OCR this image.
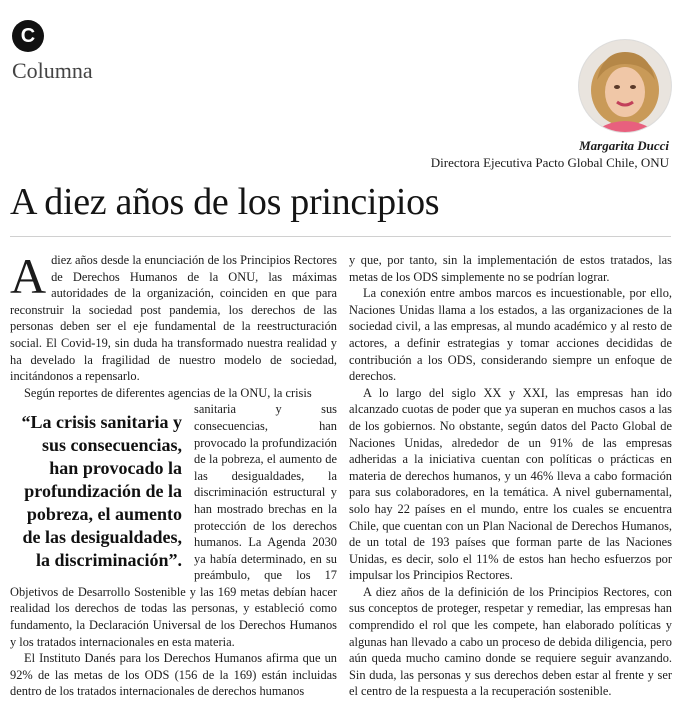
C
Columna
Margarita Ducci
Directora Ejecutiva Pacto Global Chile, ONU
A diez años de los principios

Adiez años desde la enunciación de los Principios Rectores de Derechos Humanos de la ONU, las máximas autoridades de la organización, coinciden en que para reconstruir la sociedad post pandemia, los derechos de las personas deben ser el eje fundamental de la reestructuración social. El Covid-19, sin duda ha transformado nuestra realidad y ha develado la fragilidad de nuestro modelo de sociedad, incitándonos a repensarlo.

Según reportes de diferentes agencias de la ONU, la crisis

“La crisis sanitaria y sus consecuencias, han provocado la profundización de la pobreza, el aumento de las desigualdades, la discriminación”.
sanitaria y sus consecuencias, han provocado la profundización de la pobreza, el aumento de las desigualdades, la discriminación estructural y han mostrado brechas en la protección de los derechos humanos. La Agenda 2030 ya había determinado, en su preámbulo, que los 17 Objetivos de Desarrollo Sostenible y las 169 metas debían hacer realidad los derechos de todas las personas, y estableció como fundamento, la Declaración Universal de los Derechos Humanos y los tratados internacionales en esta materia.

El Instituto Danés para los Derechos Humanos afirma que un 92% de las metas de los ODS (156 de la 169) están incluidas dentro de los tratados internacionales de derechos humanos

y que, por tanto, sin la implementación de estos tratados, las metas de los ODS simplemente no se podrían lograr.

La conexión entre ambos marcos es incuestionable, por ello, Naciones Unidas llama a los estados, a las organizaciones de la sociedad civil, a las empresas, al mundo académico y al resto de actores, a definir estrategias y tomar acciones decididas de contribución a los ODS, considerando siempre un enfoque de derechos.

A lo largo del siglo XX y XXI, las empresas han ido alcanzado cuotas de poder que ya superan en muchos casos a las de los gobiernos. No obstante, según datos del Pacto Global de Naciones Unidas, alrededor de un 91% de las empresas adheridas a la iniciativa cuentan con políticas o prácticas en materia de derechos humanos, y un 46% lleva a cabo formación para sus colaboradores, en la temática. A nivel gubernamental, solo hay 22 países en el mundo, entre los cuales se encuentra Chile, que cuentan con un Plan Nacional de Derechos Humanos, de un total de 193 países que forman parte de las Naciones Unidas, es decir, solo el 11% de estos han hecho esfuerzos por impulsar los Principios Rectores.

A diez años de la definición de los Principios Rectores, con sus conceptos de proteger, respetar y remediar, las empresas han comprendido el rol que les compete, han elaborado políticas y algunas han llevado a cabo un proceso de debida diligencia, pero aún queda mucho camino donde se requiere seguir avanzando. Sin duda, las personas y sus derechos deben estar al frente y ser el centro de la respuesta a la recuperación sostenible.
